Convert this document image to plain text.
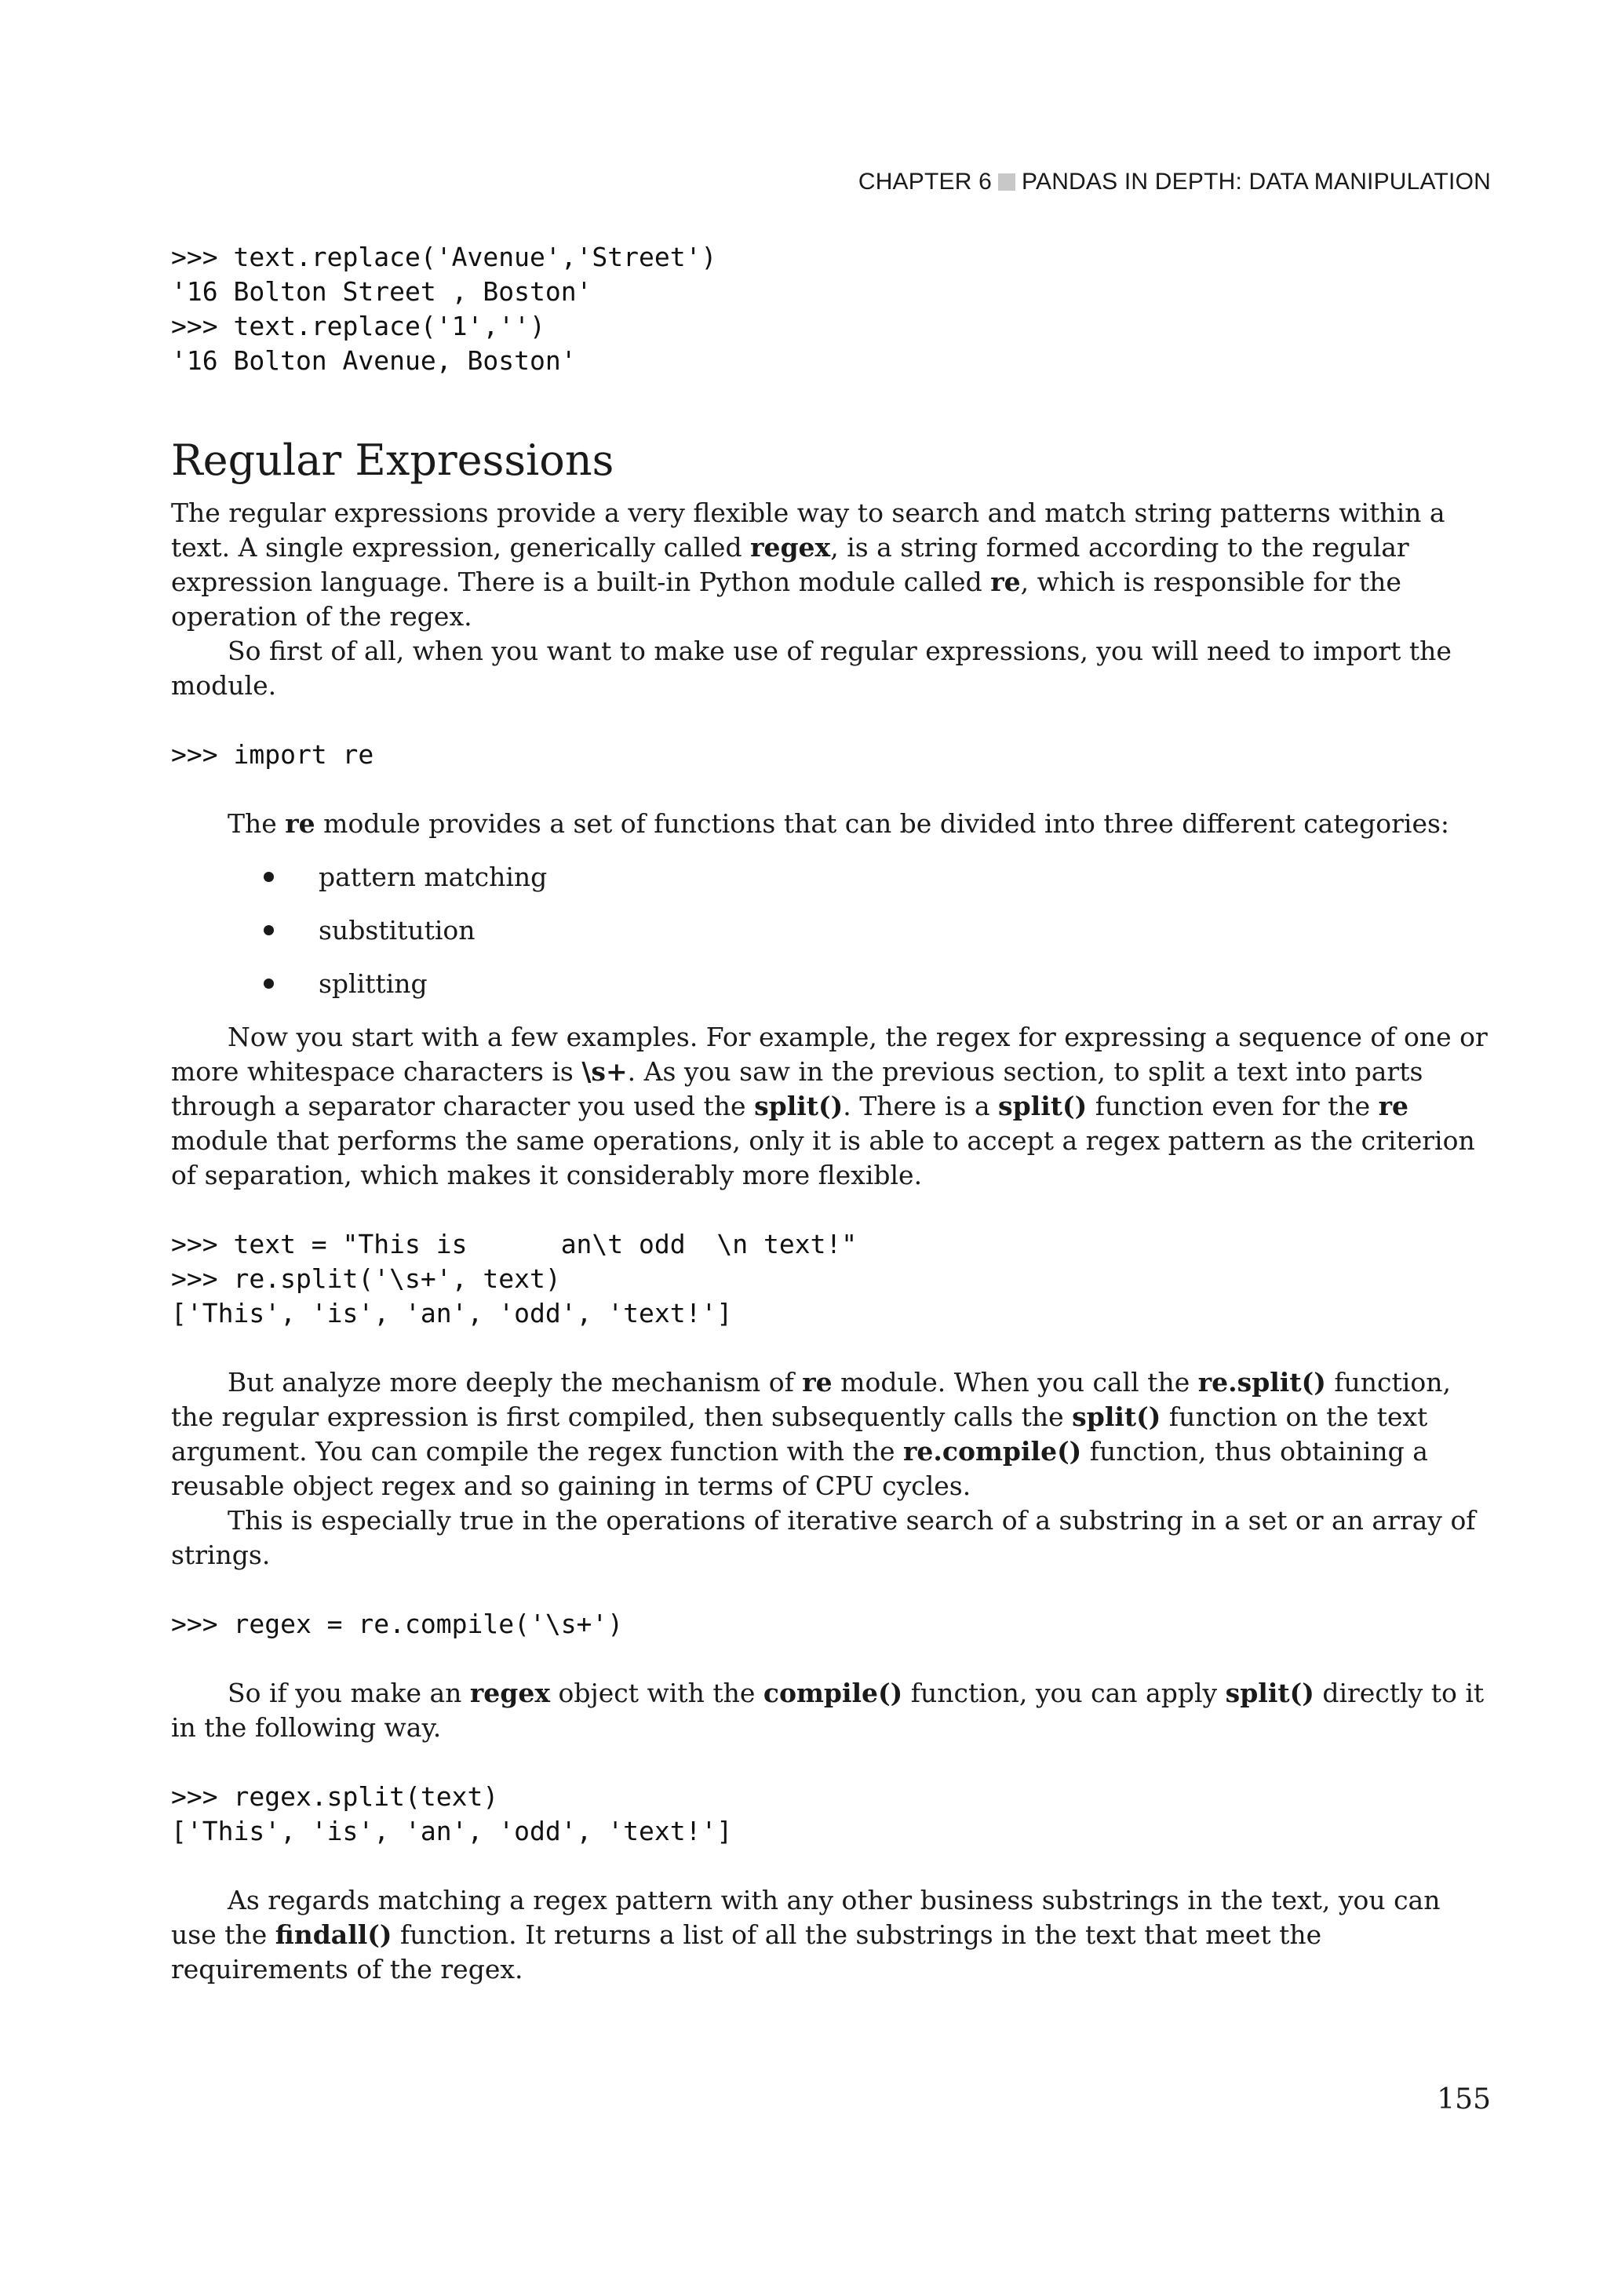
CHAPTER 6 PANDAS IN DEPTH: DATA MANIPULATION
>>> text.replace('Avenue','Street')
'16 Bolton Street , Boston'
>>> text.replace('1','')
'16 Bolton Avenue, Boston'
Regular Expressions

The regular expressions provide a very flexible way to search and match string patterns within a text. A single expression, generically called regex, is a string formed according to the regular expression language. There is a built-in Python module called re, which is responsible for the operation of the regex.

So first of all, when you want to make use of regular expressions, you will need to import the module.

>>> import re

The re module provides a set of functions that can be divided into three different categories:

pattern matching
substitution
splitting

Now you start with a few examples. For example, the regex for expressing a sequence of one or more whitespace characters is \s+. As you saw in the previous section, to split a text into parts through a separator character you used the split(). There is a split() function even for the re module that performs the same operations, only it is able to accept a regex pattern as the criterion of separation, which makes it considerably more flexible.

>>> text = "This is      an\t odd  \n text!"
>>> re.split('\s+', text)
['This', 'is', 'an', 'odd', 'text!']

But analyze more deeply the mechanism of re module. When you call the re.split() function, the regular expression is first compiled, then subsequently calls the split() function on the text argument. You can compile the regex function with the re.compile() function, thus obtaining a reusable object regex and so gaining in terms of CPU cycles.

This is especially true in the operations of iterative search of a substring in a set or an array of strings.

>>> regex = re.compile('\s+')

So if you make an regex object with the compile() function, you can apply split() directly to it in the following way.

>>> regex.split(text)
['This', 'is', 'an', 'odd', 'text!']

As regards matching a regex pattern with any other business substrings in the text, you can use the findall() function. It returns a list of all the substrings in the text that meet the requirements of the regex.

155
